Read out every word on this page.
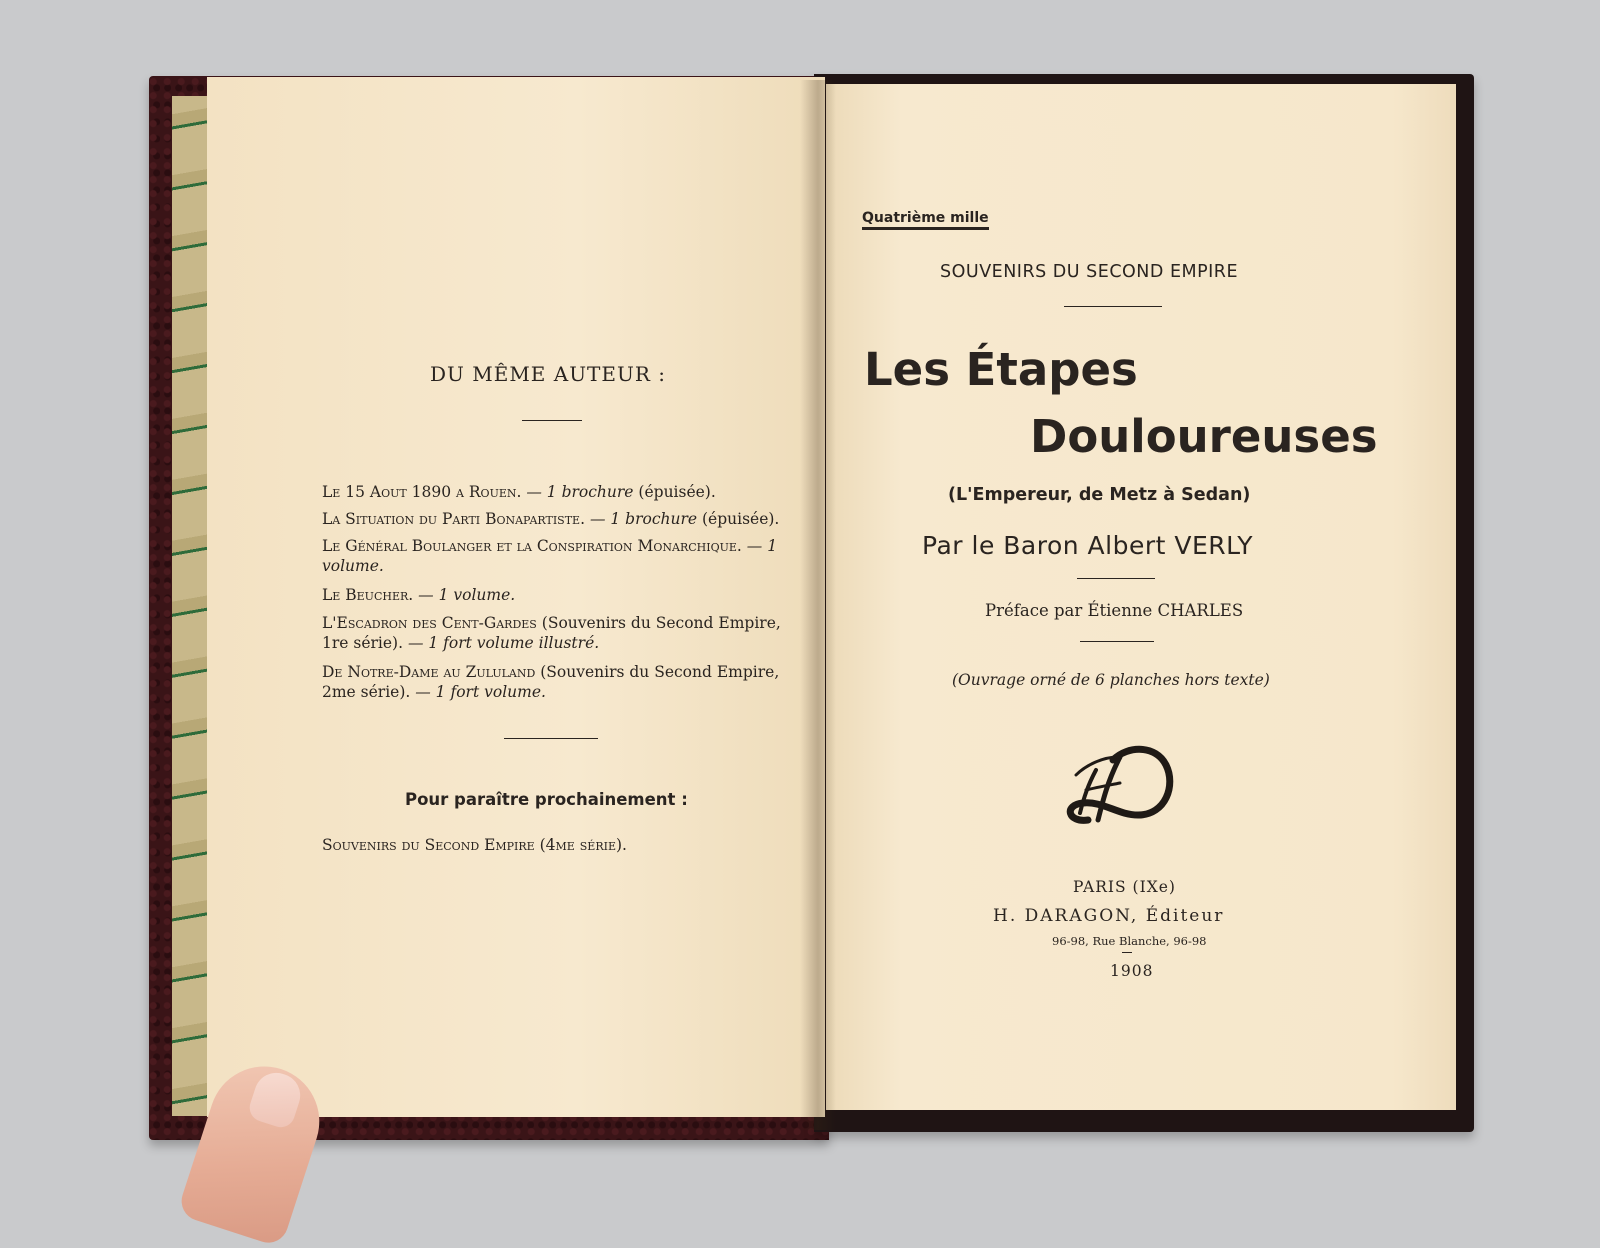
DU MÊME AUTEUR :
Le 15 Aout 1890 a Rouen. — 1 brochure (épuisée).
La Situation du Parti Bonapartiste. — 1 brochure (épuisée).
Le Général Boulanger et la Conspiration Monarchique. — 1 volume.
Le Beucher. — 1 volume.
L'Escadron des Cent-Gardes (Souvenirs du Second Empire, 1re série). — 1 fort volume illustré.
De Notre-Dame au Zululand (Souvenirs du Second Empire, 2me série). — 1 fort volume.
Pour paraître prochainement :
Souvenirs du Second Empire (4me série).
Quatrième mille
SOUVENIRS DU SECOND EMPIRE
Les Étapes
Douloureuses
(L'Empereur, de Metz à Sedan)
Par le Baron Albert VERLY
Préface par Étienne CHARLES
(Ouvrage orné de 6 planches hors texte)
PARIS (IXe)
H. DARAGON, Éditeur
96-98, Rue Blanche, 96-98
1908
